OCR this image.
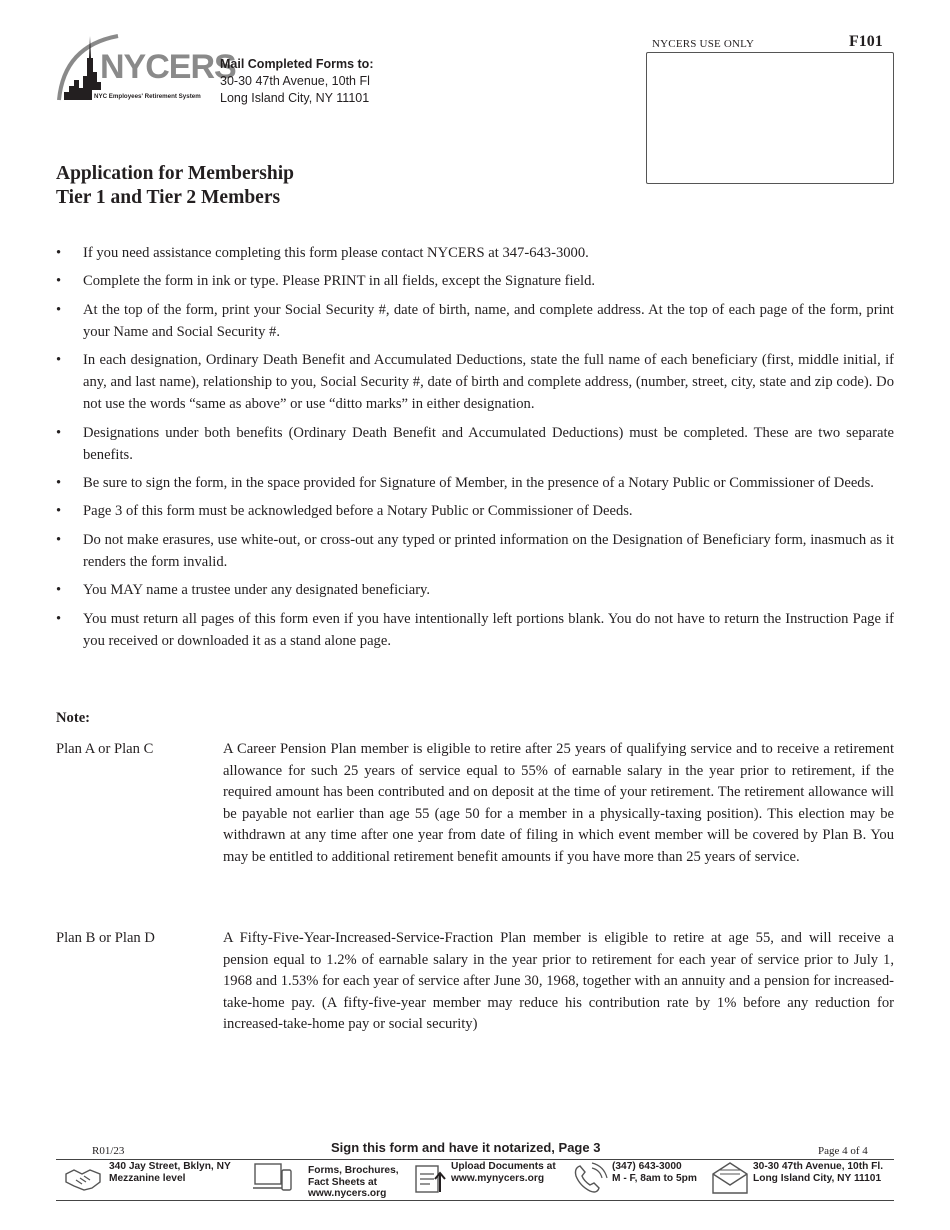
NYCERS
NYC Employees' Retirement System
Mail Completed Forms to:
30-30 47th Avenue, 10th Fl
Long Island City, NY 11101
NYCERS USE ONLY	F101
Application for Membership
Tier 1 and Tier 2 Members
• If you need assistance completing this form please contact NYCERS at 347-643-3000.
• Complete the form in ink or type. Please PRINT in all fields, except the Signature field.
• At the top of the form, print your Social Security #, date of birth, name, and complete address. At the top of each page of the form, print your Name and Social Security #.
• In each designation, Ordinary Death Benefit and Accumulated Deductions, state the full name of each beneficiary (first, middle initial, if any, and last name), relationship to you, Social Security #, date of birth and complete address, (number, street, city, state and zip code). Do not use the words “same as above” or use “ditto marks” in either designation.
• Designations under both benefits (Ordinary Death Benefit and Accumulated Deductions) must be completed. These are two separate benefits.
• Be sure to sign the form, in the space provided for Signature of Member, in the presence of a Notary Public or Commissioner of Deeds.
• Page 3 of this form must be acknowledged before a Notary Public or Commissioner of Deeds.
• Do not make erasures, use white-out, or cross-out any typed or printed information on the Designation of Beneficiary form, inasmuch as it renders the form invalid.
• You MAY name a trustee under any designated beneficiary.
• You must return all pages of this form even if you have intentionally left portions blank. You do not have to return the Instruction Page if you received or downloaded it as a stand alone page.
Note:
Plan A or Plan C	A Career Pension Plan member is eligible to retire after 25 years of qualifying service and to receive a retirement allowance for such 25 years of service equal to 55% of earnable salary in the year prior to retirement, if the required amount has been contributed and on deposit at the time of your retirement. The retirement allowance will be payable not earlier than age 55 (age 50 for a member in a physically-taxing position). This election may be withdrawn at any time after one year from date of filing in which event member will be covered by Plan B. You may be entitled to additional retirement benefit amounts if you have more than 25 years of service.
Plan B or Plan D	A Fifty-Five-Year-Increased-Service-Fraction Plan member is eligible to retire at age 55, and will receive a pension equal to 1.2% of earnable salary in the year prior to retirement for each year of service prior to July 1, 1968 and 1.53% for each year of service after June 30, 1968, together with an annuity and a pension for increased-take-home pay. (A fifty-five-year member may reduce his contribution rate by 1% before any reduction for increased-take-home pay or social security)
R01/23	Sign this form and have it notarized, Page 3	Page 4 of 4
340 Jay Street, Bklyn, NY
Mezzanine level
Forms, Brochures,
Fact Sheets at
www.nycers.org
Upload Documents at
www.mynycers.org
(347) 643-3000
M - F, 8am to 5pm
30-30 47th Avenue, 10th Fl.
Long Island City, NY 11101
